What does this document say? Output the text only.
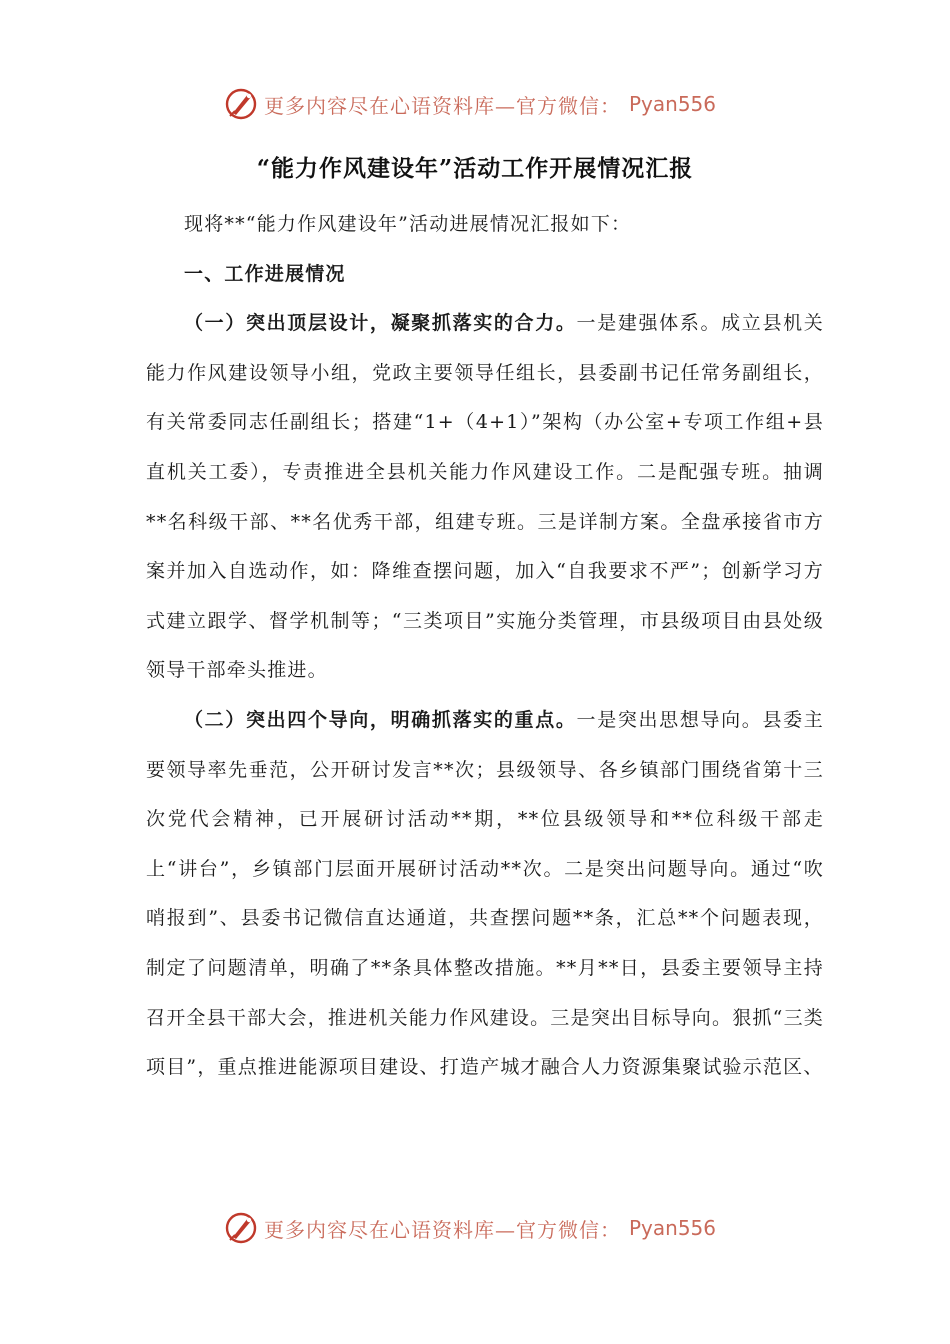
更多内容尽在心语资料库—官方微信： Pyan556
“能力作风建设年”活动工作开展情况汇报

现将**“能力作风建设年”活动进展情况汇报如下：

一、工作进展情况

（一）突出顶层设计，凝聚抓落实的合力。一是建强体系。成立县机关能力作风建设领导小组，党政主要领导任组长，县委副书记任常务副组长，有关常委同志任副组长；搭建“1+（4+1）”架构（办公室+专项工作组+县直机关工委），专责推进全县机关能力作风建设工作。二是配强专班。抽调**名科级干部、**名优秀干部，组建专班。三是详制方案。全盘承接省市方案并加入自选动作，如：降维查摆问题，加入“自我要求不严”；创新学习方式建立跟学、督学机制等；“三类项目”实施分类管理，市县级项目由县处级领导干部牵头推进。

（二）突出四个导向，明确抓落实的重点。一是突出思想导向。县委主要领导率先垂范，公开研讨发言**次；县级领导、各乡镇部门围绕省第十三次党代会精神，已开展研讨活动**期，**位县级领导和**位科级干部走上“讲台”，乡镇部门层面开展研讨活动**次。二是突出问题导向。通过“吹哨报到”、县委书记微信直达通道，共查摆问题**条，汇总**个问题表现，制定了问题清单，明确了**条具体整改措施。**月**日，县委主要领导主持召开全县干部大会，推进机关能力作风建设。三是突出目标导向。狠抓“三类项目”，重点推进能源项目建设、打造产城才融合人力资源集聚试验示范区、

更多内容尽在心语资料库—官方微信： Pyan556
